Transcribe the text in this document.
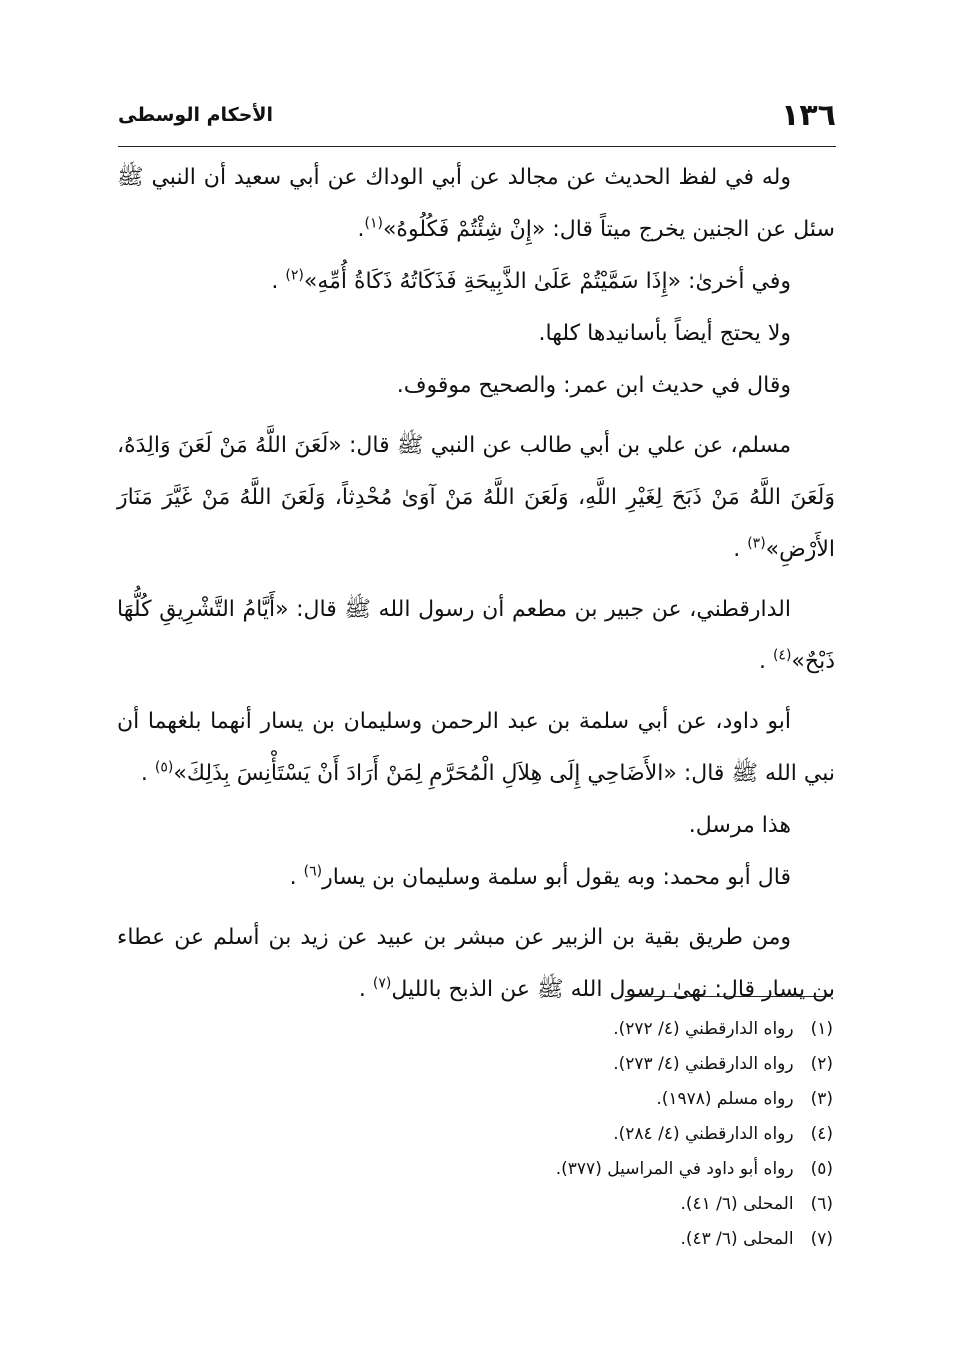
١٣٦
الأحكام الوسطى

وله في لفظ الحديث عن مجالد عن أبي الوداك عن أبي سعيد أن النبي ﷺ سئل عن الجنين يخرج ميتاً قال: «إِنْ شِئْتُمْ فَكُلُوهُ»$^{(١)}$.

وفي أخرىٰ: «إِذَا سَمَّيْتُمْ عَلَىٰ الذَّبِيحَةِ فَذَكَاتُهُ ذَكَاةُ أُمِّهِ»$^{(٢)}$ .

ولا يحتج أيضاً بأسانيدها كلها.

وقال في حديث ابن عمر: والصحيح موقوف.

مسلم، عن علي بن أبي طالب عن النبي ﷺ قال: «لَعَنَ اللَّهُ مَنْ لَعَنَ وَالِدَهُ، وَلَعَنَ اللَّهُ مَنْ ذَبَحَ لِغَيْرِ اللَّهِ، وَلَعَنَ اللَّهُ مَنْ آوَىٰ مُحْدِثاً، وَلَعَنَ اللَّهُ مَنْ غَيَّرَ مَنَارَ الأَرْضِ»$^{(٣)}$ .

الدارقطني، عن جبير بن مطعم أن رسول الله ﷺ قال: «أَيَّامُ التَّشْرِيقِ كُلُّهَا ذَبْحٌ»$^{(٤)}$ .

أبو داود، عن أبي سلمة بن عبد الرحمن وسليمان بن يسار أنهما بلغهما أن نبي الله ﷺ قال: «الأَضَاحِي إِلَى هِلاَلِ الْمُحَرَّمِ لِمَنْ أَرَادَ أَنْ يَسْتَأْنِسَ بِذَلِكَ»$^{(٥)}$ .

هذا مرسل.

قال أبو محمد: وبه يقول أبو سلمة وسليمان بن يسار$^{(٦)}$ .

ومن طريق بقية بن الزبير عن مبشر بن عبيد عن زيد بن أسلم عن عطاء بن يسار قال: نهىٰ رسول الله ﷺ عن الذبح بالليل$^{(٧)}$ .

(١) رواه الدارقطني (٤/ ٢٧٢).
(٢) رواه الدارقطني (٤/ ٢٧٣).
(٣) رواه مسلم (١٩٧٨).
(٤) رواه الدارقطني (٤/ ٢٨٤).
(٥) رواه أبو داود في المراسيل (٣٧٧).
(٦) المحلى (٦/ ٤١).
(٧) المحلى (٦/ ٤٣).
